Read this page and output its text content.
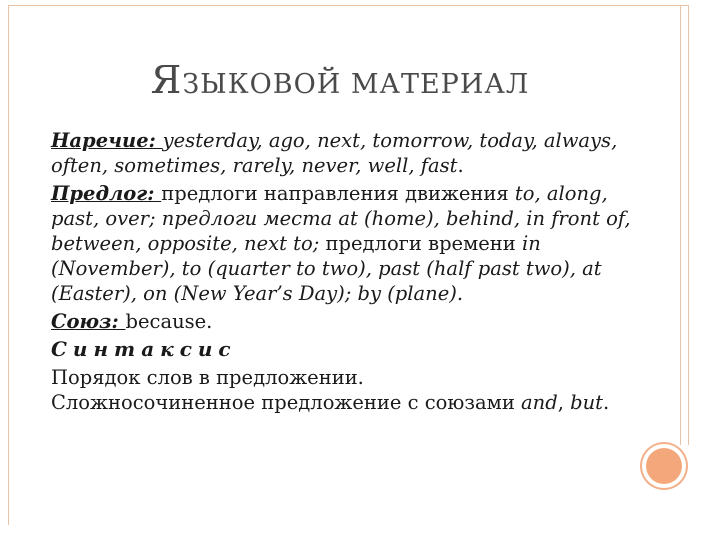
ЯЗЫКОВОЙ МАТЕРИАЛ

Наречие: yesterday, ago, next, tomorrow, today, always, often, sometimes, rarely, never, well, fast.

Предлог: предлоги направления движения to, along, past, over; предлоги места at (home), behind, in front of, between, opposite, next to; предлоги времени in (November), to (quarter to two), past (half past two), at (Easter), on (New Year’s Day); by (plane).

Союз: because.

Синтаксис

Порядок слов в предложении.
Сложносочиненное предложение с союзами and, but.
